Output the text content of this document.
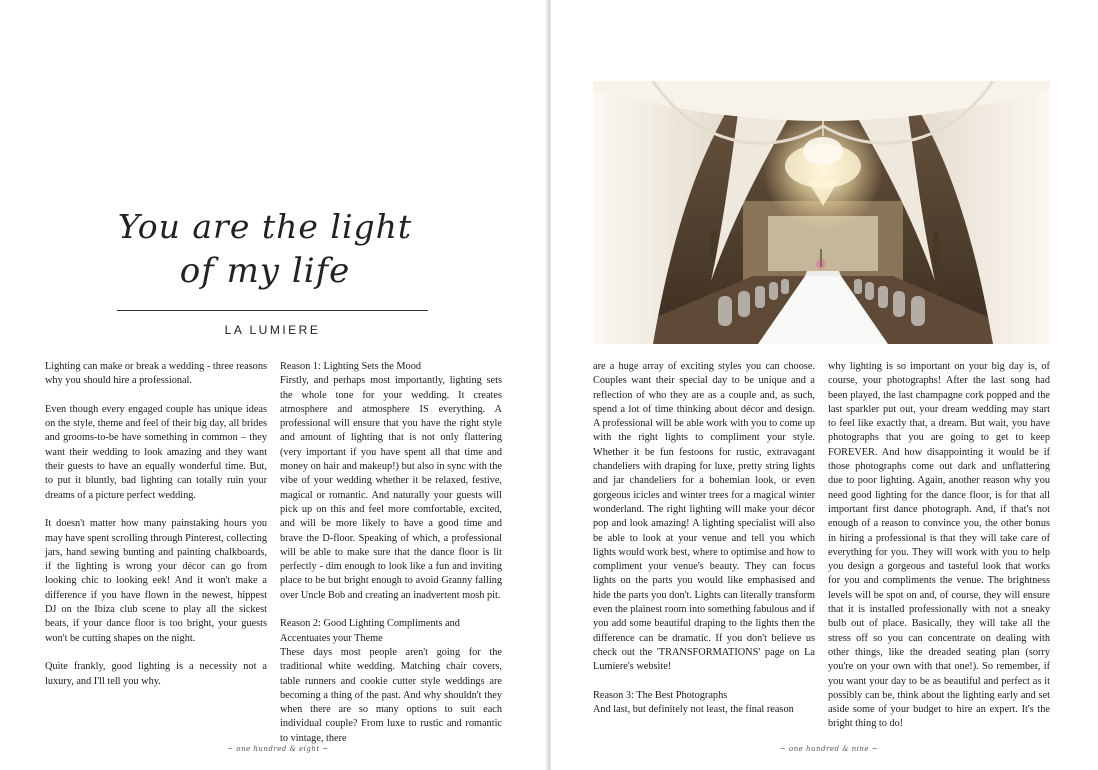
You are the light
of my life
LA LUMIERE

Lighting can make or break a wedding - three reasons why you should hire a professional.

Even though every engaged couple has unique ideas on the style, theme and feel of their big day, all brides and grooms-to-be have something in common – they want their wedding to look amazing and they want their guests to have an equally wonderful time. But, to put it bluntly, bad lighting can totally ruin your dreams of a picture perfect wedding.

It doesn't matter how many painstaking hours you may have spent scrolling through Pinterest, collecting jars, hand sewing bunting and painting chalkboards, if the lighting is wrong your décor can go from looking chic to looking eek! And it won't make a difference if you have flown in the newest, hippest DJ on the Ibiza club scene to play all the sickest beats, if your dance floor is too bright, your guests won't be cutting shapes on the night.

Quite frankly, good lighting is a necessity not a luxury, and I'll tell you why.

Reason 1: Lighting Sets the Mood

Firstly, and perhaps most importantly, lighting sets the whole tone for your wedding. It creates atmosphere and atmosphere IS everything. A professional will ensure that you have the right style and amount of lighting that is not only flattering (very important if you have spent all that time and money on hair and makeup!) but also in sync with the vibe of your wedding whether it be relaxed, festive, magical or romantic. And naturally your guests will pick up on this and feel more comfortable, excited, and will be more likely to have a good time and brave the D-floor. Speaking of which, a professional will be able to make sure that the dance floor is lit perfectly - dim enough to look like a fun and inviting place to be but bright enough to avoid Granny falling over Uncle Bob and creating an inadvertent mosh pit.

Reason 2: Good Lighting Compliments and Accentuates your Theme

These days most people aren't going for the traditional white wedding. Matching chair covers, table runners and cookie cutter style weddings are becoming a thing of the past. And why shouldn't they when there are so many options to suit each individual couple? From luxe to rustic and romantic to vintage, there

~ one hundred & eight ~	~ one hundred & nine ~

are a huge array of exciting styles you can choose. Couples want their special day to be unique and a reflection of who they are as a couple and, as such, spend a lot of time thinking about décor and design. A professional will be able work with you to come up with the right lights to compliment your style. Whether it be fun festoons for rustic, extravagant chandeliers with draping for luxe, pretty string lights and jar chandeliers for a bohemian look, or even gorgeous icicles and winter trees for a magical winter wonderland. The right lighting will make your décor pop and look amazing! A lighting specialist will also be able to look at your venue and tell you which lights would work best, where to optimise and how to compliment your venue's beauty. They can focus lights on the parts you would like emphasised and hide the parts you don't. Lights can literally transform even the plainest room into something fabulous and if you add some beautiful draping to the lights then the difference can be dramatic. If you don't believe us check out the 'TRANSFORMATIONS' page on La Lumiere's website!

Reason 3: The Best Photographs

And last, but definitely not least, the final reason

why lighting is so important on your big day is, of course, your photographs! After the last song had been played, the last champagne cork popped and the last sparkler put out, your dream wedding may start to feel like exactly that, a dream. But wait, you have photographs that you are going to get to keep FOREVER. And how disappointing it would be if those photographs come out dark and unflattering due to poor lighting. Again, another reason why you need good lighting for the dance floor, is for that all important first dance photograph. And, if that's not enough of a reason to convince you, the other bonus in hiring a professional is that they will take care of everything for you. They will work with you to help you design a gorgeous and tasteful look that works for you and compliments the venue. The brightness levels will be spot on and, of course, they will ensure that it is installed professionally with not a sneaky bulb out of place. Basically, they will take all the stress off so you can concentrate on dealing with other things, like the dreaded seating plan (sorry you're on your own with that one!). So remember, if you want your day to be as beautiful and perfect as it possibly can be, think about the lighting early and set aside some of your budget to hire an expert. It's the bright thing to do!
